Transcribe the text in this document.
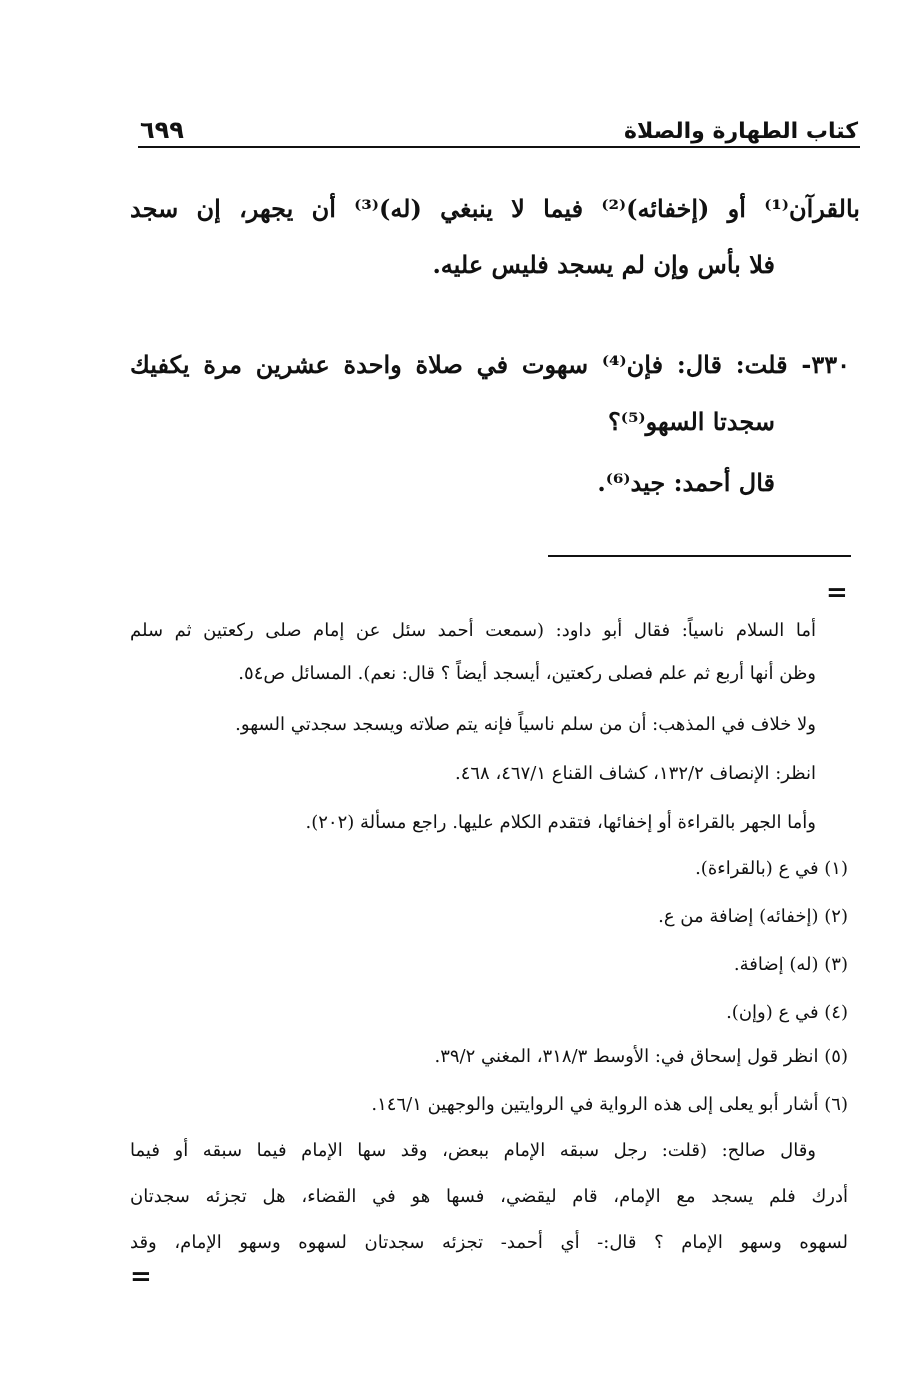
كتاب الطهارة والصلاة
٦٩٩
بالقرآن⁽¹⁾ أو (إخفائه)⁽²⁾ فيما لا ينبغي (له)⁽³⁾ أن يجهر، إن سجد
فلا بأس وإن لم يسجد فليس عليه.
٣٣٠- قلت: قال: فإن⁽⁴⁾ سهوت في صلاة واحدة عشرين مرة يكفيك
سجدتا السهو⁽⁵⁾؟
قال أحمد: جيد⁽⁶⁾.
=
أما السلام ناسياً: فقال أبو داود: (سمعت أحمد سئل عن إمام صلى ركعتين ثم سلم
وظن أنها أربع ثم علم فصلى ركعتين، أيسجد أيضاً ؟ قال: نعم). المسائل ص٥٤.
ولا خلاف في المذهب: أن من سلم ناسياً فإنه يتم صلاته ويسجد سجدتي السهو.
انظر: الإنصاف ١٣٢/٢، كشاف القناع ٤٦٧/١، ٤٦٨.
وأما الجهر بالقراءة أو إخفائها، فتقدم الكلام عليها. راجع مسألة (٢٠٢).
(١) في ع (بالقراءة).
(٢) (إخفائه) إضافة من ع.
(٣) (له) إضافة.
(٤) في ع (وإن).
(٥) انظر قول إسحاق في: الأوسط ٣١٨/٣، المغني ٣٩/٢.
(٦) أشار أبو يعلى إلى هذه الرواية في الروايتين والوجهين ١٤٦/١.
وقال صالح: (قلت: رجل سبقه الإمام ببعض، وقد سها الإمام فيما سبقه أو فيما
أدرك فلم يسجد مع الإمام، قام ليقضي، فسها هو في القضاء، هل تجزئه سجدتان
لسهوه وسهو الإمام ؟ قال:- أي أحمد- تجزئه سجدتان لسهوه وسهو الإمام، وقد
=
